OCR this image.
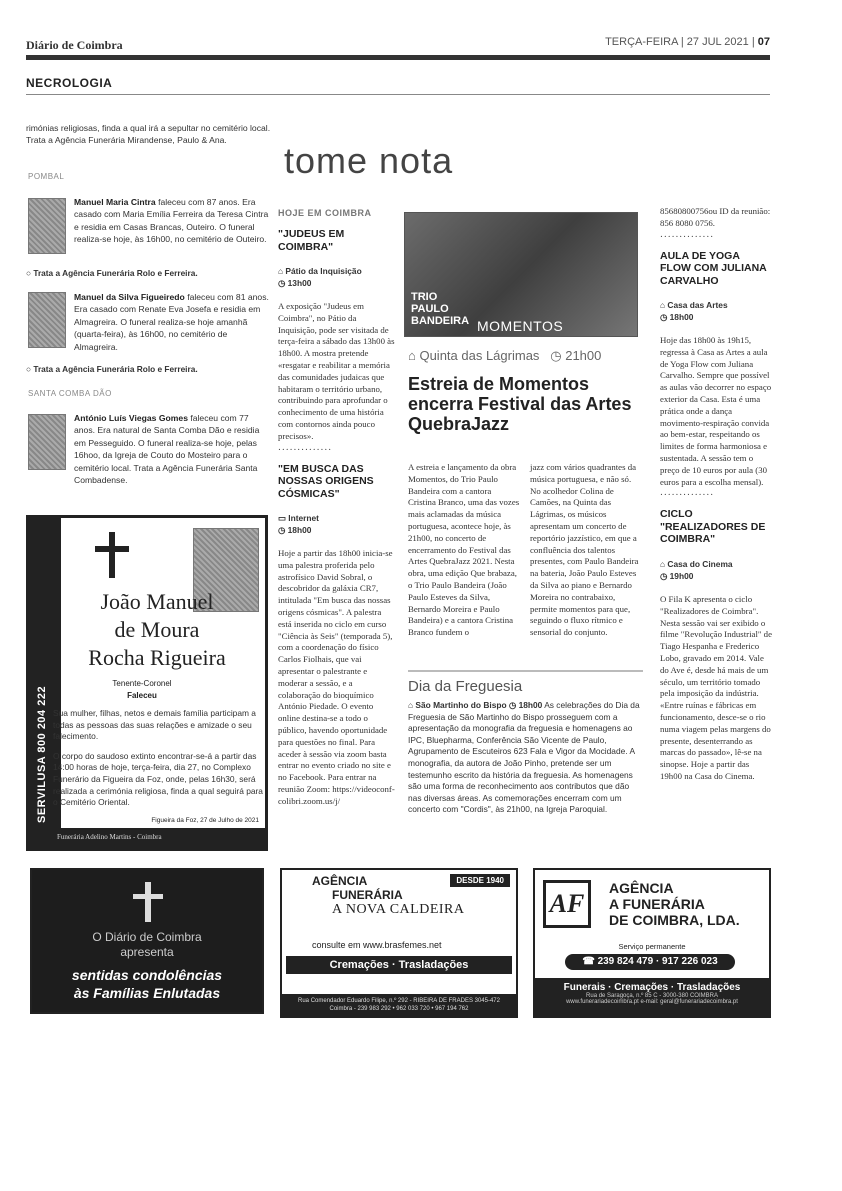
Diário de Coimbra	TERÇA-FEIRA | 27 JUL 2021 | 07
NECROLOGIA
rimónias religiosas, finda a qual irá a sepultar no cemitério local. Trata a Agência Funerária Mirandense, Paulo & Ana.
POMBAL
Manuel Maria Cintra faleceu com 87 anos. Era casado com Maria Emília Ferreira da Teresa Cintra e residia em Casas Brancas, Outeiro. O funeral realiza-se hoje, às 16h00, no cemitério de Outeiro.
○ Trata a Agência Funerária Rolo e Ferreira.
Manuel da Silva Figueiredo faleceu com 81 anos. Era casado com Renate Eva Josefa e residia em Almagreira. O funeral realiza-se hoje amanhã (quarta-feira), às 16h00, no cemitério de Almagreira.
○ Trata a Agência Funerária Rolo e Ferreira.
SANTA COMBA DÃO
António Luís Viegas Gomes faleceu com 77 anos. Era natural de Santa Comba Dão e residia em Pesseguido. O funeral realiza-se hoje, pelas 16hoo, da Igreja de Couto do Mosteiro para o cemitério local. Trata a Agência Funerária Santa Combadense.
SERVILUSA 800 204 222
João Manuel
de Moura
Rocha Rigueira
Tenente-Coronel
Faleceu

Sua mulher, filhas, netos e demais família participam a todas as pessoas das suas relações e amizade o seu falecimento.

O corpo do saudoso extinto encontrar-se-á a partir das 14:00 horas de hoje, terça-feira, dia 27, no Complexo Funerário da Figueira da Foz, onde, pelas 16h30, será realizada a cerimónia religiosa, finda a qual seguirá para o Cemitério Oriental.

Figueira da Foz, 27 de Julho de 2021
Funerária Adelino Martins - Coimbra
tome nota
HOJE EM COIMBRA
"JUDEUS EM COIMBRA"
⌂ Pátio da Inquisição
◷ 13h00
A exposição "Judeus em Coimbra", no Pátio da Inquisição, pode ser visitada de terça-feira a sábado das 13h00 às 18h00. A mostra pretende «resgatar e reabilitar a memória das comunidades judaicas que habitaram o território urbano, contribuindo para aprofundar o conhecimento de uma história com contornos ainda pouco precisos».
..............
"EM BUSCA DAS NOSSAS ORIGENS CÓSMICAS"
▭ Internet
◷ 18h00
Hoje a partir das 18h00 inicia-se uma palestra proferida pelo astrofísico David Sobral, o descobridor da galáxia CR7, intitulada "Em busca das nossas origens cósmicas". A palestra está inserida no ciclo em curso "Ciência às Seis" (temporada 5), com a coordenação do físico Carlos Fiolhais, que vai apresentar o palestrante e moderar a sessão, e a colaboração do bioquímico António Piedade. O evento online destina-se a todo o público, havendo oportunidade para questões no final. Para aceder à sessão via zoom basta entrar no evento criado no site e no Facebook. Para entrar na reunião Zoom: https://videoconf-colibri.zoom.us/j/
TRIO
PAULO
BANDEIRA MOMENTOS
⌂ Quinta das Lágrimas   ◷ 21h00
Estreia de Momentos encerra Festival das Artes QuebraJazz
A estreia e lançamento da obra Momentos, do Trio Paulo Bandeira com a cantora Cristina Branco, uma das vozes mais aclamadas da música portuguesa, acontece hoje, às 21h00, no concerto de encerramento do Festival das Artes QuebraJazz 2021. Nesta obra, uma edição Que brabaza, o Trio Paulo Bandeira (João Paulo Esteves da Silva, Bernardo Moreira e Paulo Bandeira) e a cantora Cristina Branco fundem o
jazz com vários quadrantes da música portuguesa, e não só. No acolhedor Colina de Camões, na Quinta das Lágrimas, os músicos apresentam um concerto de reportório jazzístico, em que a confluência dos talentos presentes, com Paulo Bandeira na bateria, João Paulo Esteves da Silva ao piano e Bernardo Moreira no contrabaixo, permite momentos para que, seguindo o fluxo rítmico e sensorial do conjunto.
Dia da Freguesia
⌂ São Martinho do Bispo ◷ 18h00 As celebrações do Dia da Freguesia de São Martinho do Bispo prosseguem com a apresentação da monografia da freguesia e homenagens ao IPC, Bluepharma, Conferência São Vicente de Paulo, Agrupamento de Escuteiros 623 Fala e Vigor da Mocidade. A monografia, da autora de João Pinho, pretende ser um testemunho escrito da história da freguesia. As homenagens são uma forma de reconhecimento aos contributos que dão nas diversas áreas. As comemorações encerram com um concerto com "Cordis", às 21h00, na Igreja Paroquial.
85680800756ou ID da reunião: 856 8080 0756.
..............
AULA DE YOGA FLOW COM JULIANA CARVALHO
⌂ Casa das Artes
◷ 18h00
Hoje das 18h00 às 19h15, regressa à Casa as Artes a aula de Yoga Flow com Juliana Carvalho. Sempre que possível as aulas vão decorrer no espaço exterior da Casa. Esta é uma prática onde a dança movimento-respiração convida ao bem-estar, respeitando os limites de forma harmoniosa e sustentada. A sessão tem o preço de 10 euros por aula (30 euros para a escolha mensal).
..............
CICLO "REALIZADORES DE COIMBRA"
⌂ Casa do Cinema
◷ 19h00
O Fila K apresenta o ciclo "Realizadores de Coimbra". Nesta sessão vai ser exibido o filme "Revolução Industrial" de Tiago Hespanha e Frederico Lobo, gravado em 2014. Vale do Ave é, desde há mais de um século, um território tomado pela imposição da indústria. «Entre ruínas e fábricas em funcionamento, desce-se o rio numa viagem pelas margens do presente, desenterrando as marcas do passado», lê-se na sinopse. Hoje a partir das 19h00 na Casa do Cinema.
O Diário de Coimbra
apresenta
sentidas condolências
às Famílias Enlutadas
AGÊNCIA
FUNERÁRIA
DESDE 1940
A NOVA CALDEIRA
consulte em www.brasfemes.net
Cremações · Trasladações
Rua Comendador Eduardo Filipe, n.º 292 - RIBEIRA DE FRADES 3045-472 Coimbra - 239 983 292 • 962 033 720 • 967 194 762
AF
AGÊNCIA
A FUNERÁRIA
DE COIMBRA, LDA.
Serviço permanente
☎ 239 824 479 · 917 226 023
Funerais · Cremações · Trasladações
Rua de Saragoça, n.º 85 C - 3000-380 COIMBRA
www.funerariadecoimbra.pt e-mail: geral@funerariadecoimbra.pt
